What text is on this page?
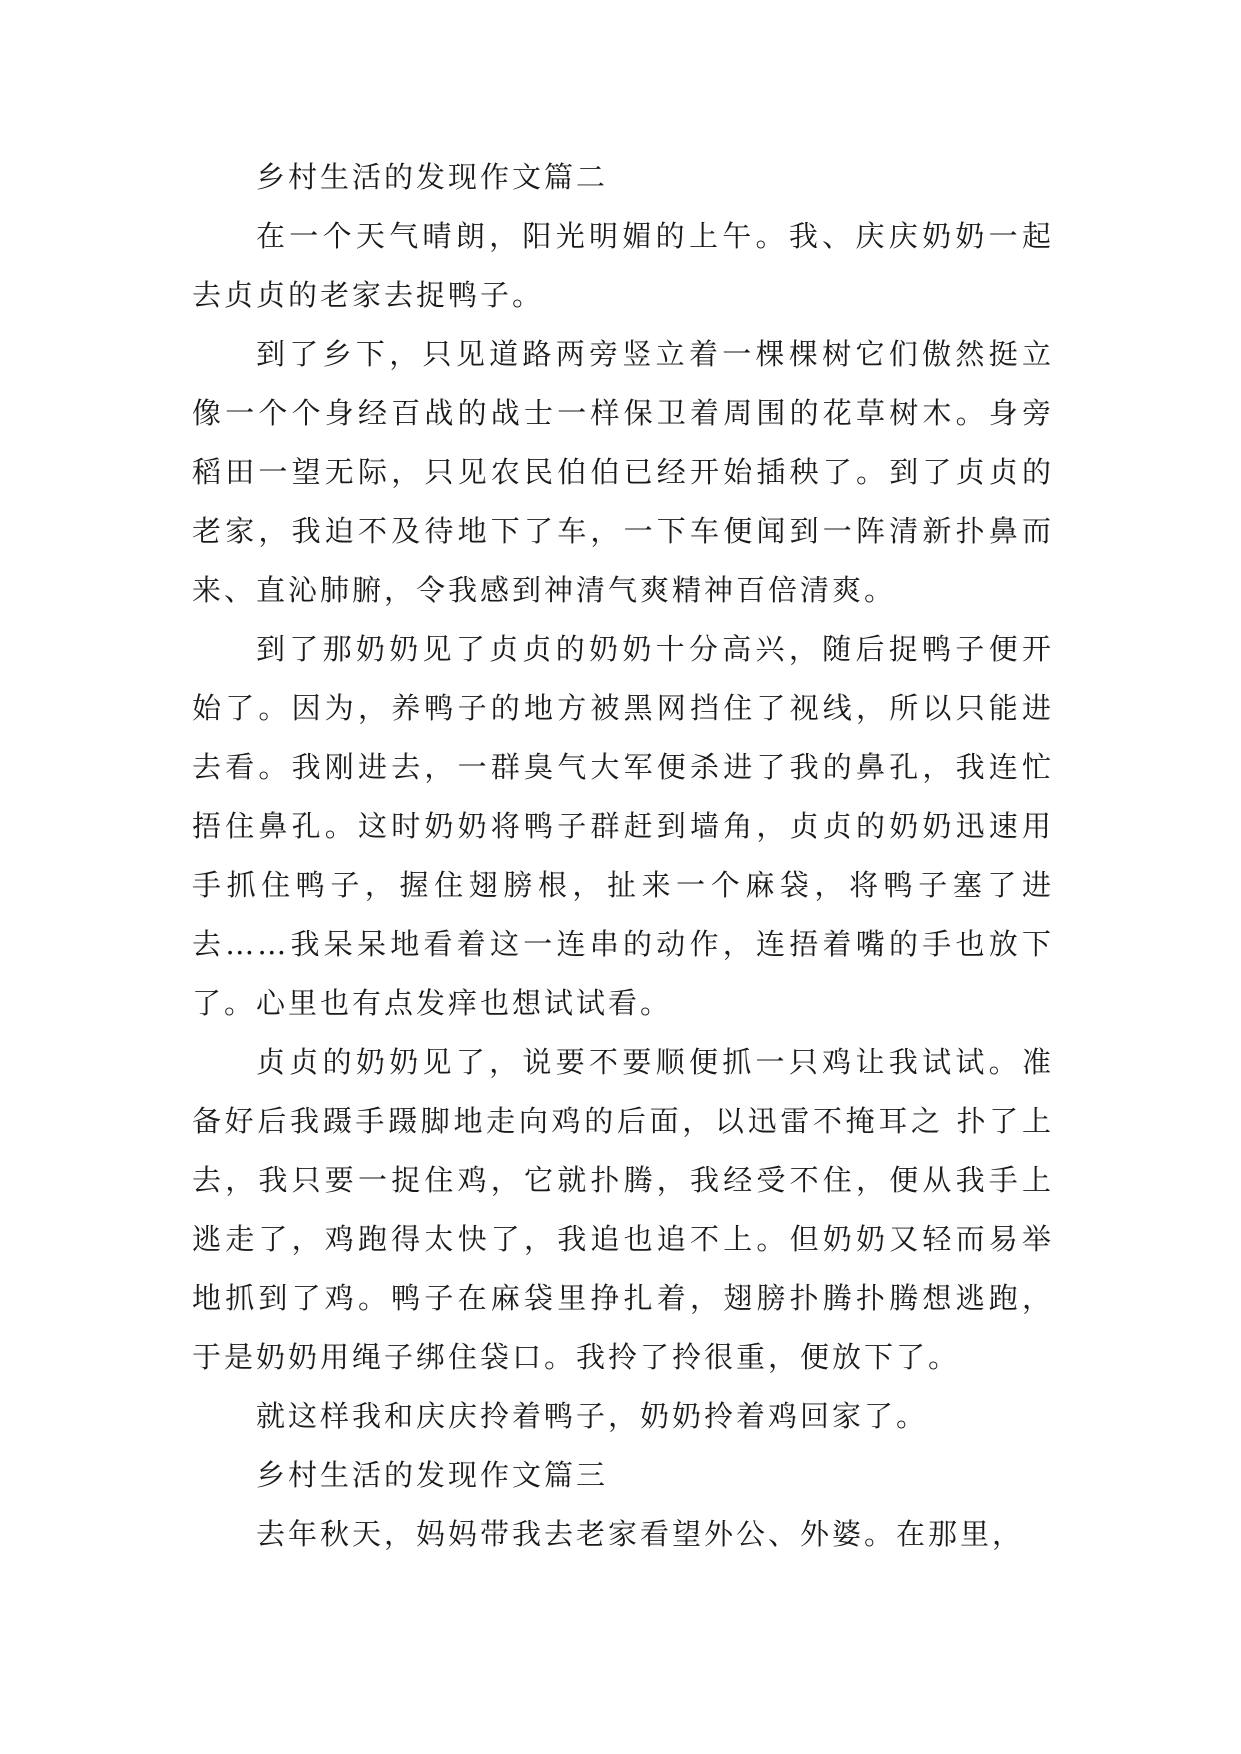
乡村生活的发现作文篇二

在一个天气晴朗，阳光明媚的上午。我、庆庆奶奶一起去贞贞的老家去捉鸭子。

到了乡下，只见道路两旁竖立着一棵棵树它们傲然挺立像一个个身经百战的战士一样保卫着周围的花草树木。身旁稻田一望无际，只见农民伯伯已经开始插秧了。到了贞贞的老家，我迫不及待地下了车，一下车便闻到一阵清新扑鼻而来、直沁肺腑，令我感到神清气爽精神百倍清爽。

到了那奶奶见了贞贞的奶奶十分高兴，随后捉鸭子便开始了。因为，养鸭子的地方被黑网挡住了视线，所以只能进去看。我刚进去，一群臭气大军便杀进了我的鼻孔，我连忙捂住鼻孔。这时奶奶将鸭子群赶到墙角，贞贞的奶奶迅速用手抓住鸭子，握住翅膀根，扯来一个麻袋，将鸭子塞了进去……我呆呆地看着这一连串的动作，连捂着嘴的手也放下了。心里也有点发痒也想试试看。

贞贞的奶奶见了，说要不要顺便抓一只鸡让我试试。准备好后我蹑手蹑脚地走向鸡的后面，以迅雷不掩耳之 扑了上去，我只要一捉住鸡，它就扑腾，我经受不住，便从我手上逃走了，鸡跑得太快了，我追也追不上。但奶奶又轻而易举地抓到了鸡。鸭子在麻袋里挣扎着，翅膀扑腾扑腾想逃跑，于是奶奶用绳子绑住袋口。我拎了拎很重，便放下了。

就这样我和庆庆拎着鸭子，奶奶拎着鸡回家了。

乡村生活的发现作文篇三

去年秋天，妈妈带我去老家看望外公、外婆。在那里，
